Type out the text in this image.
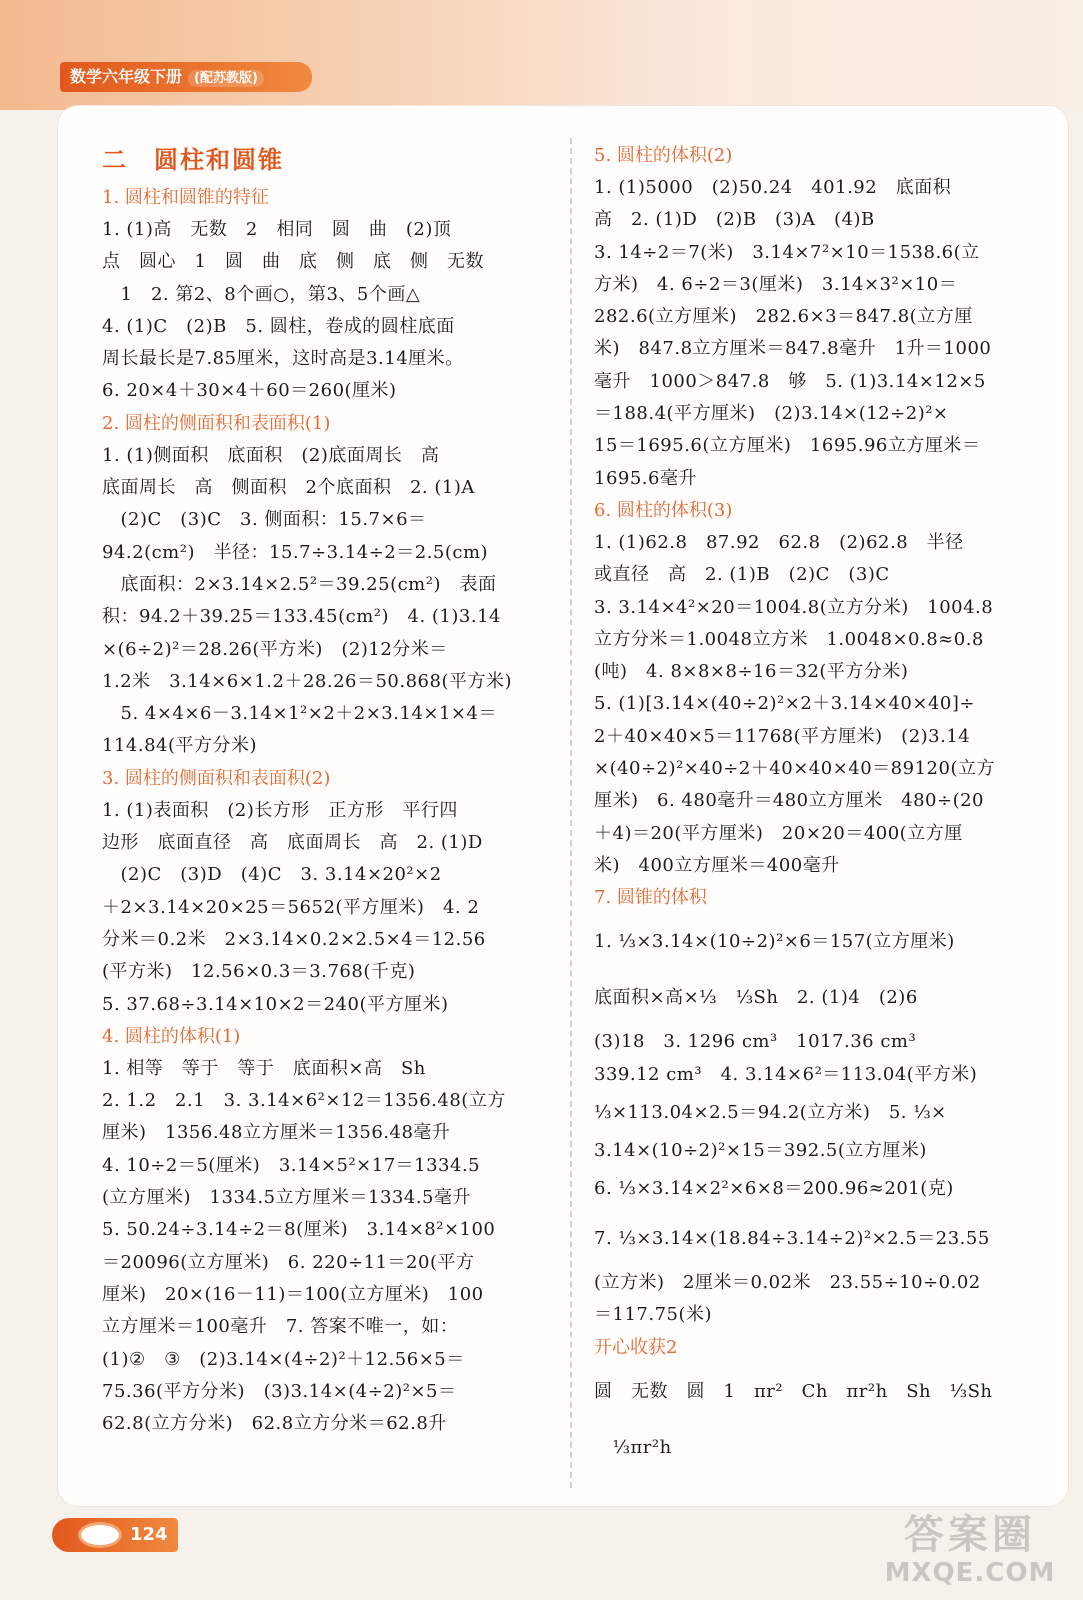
数学六年级下册 (配苏教版)
二 圆柱和圆锥
1. 圆柱和圆锥的特征
1. (1)高　无数　2　相同　圆　曲　(2)顶
点　圆心　1　圆　曲　底　侧　底　侧　无数
　1　2. 第2、8个画○，第3、5个画△
4. (1)C　(2)B　5. 圆柱，卷成的圆柱底面
周长最长是7.85厘米，这时高是3.14厘米。
6. 20×4＋30×4＋60＝260(厘米)
2. 圆柱的侧面积和表面积(1)
1. (1)侧面积　底面积　(2)底面周长　高
底面周长　高　侧面积　2个底面积　2. (1)A
　(2)C　(3)C　3. 侧面积：15.7×6＝
94.2(cm²)　半径：15.7÷3.14÷2＝2.5(cm)
　底面积：2×3.14×2.5²＝39.25(cm²)　表面
积：94.2＋39.25＝133.45(cm²)　4. (1)3.14
×(6÷2)²＝28.26(平方米)　(2)12分米＝
1.2米　3.14×6×1.2＋28.26＝50.868(平方米)
　5. 4×4×6－3.14×1²×2＋2×3.14×1×4＝
114.84(平方分米)
3. 圆柱的侧面积和表面积(2)
1. (1)表面积　(2)长方形　正方形　平行四
边形　底面直径　高　底面周长　高　2. (1)D
　(2)C　(3)D　(4)C　3. 3.14×20²×2
＋2×3.14×20×25＝5652(平方厘米)　4. 2
分米＝0.2米　2×3.14×0.2×2.5×4＝12.56
(平方米)　12.56×0.3＝3.768(千克)
5. 37.68÷3.14×10×2＝240(平方厘米)
4. 圆柱的体积(1)
1. 相等　等于　等于　底面积×高　Sh
2. 1.2　2.1　3. 3.14×6²×12＝1356.48(立方
厘米)　1356.48立方厘米＝1356.48毫升
4. 10÷2＝5(厘米)　3.14×5²×17＝1334.5
(立方厘米)　1334.5立方厘米＝1334.5毫升
5. 50.24÷3.14÷2＝8(厘米)　3.14×8²×100
＝20096(立方厘米)　6. 220÷11＝20(平方
厘米)　20×(16－11)＝100(立方厘米)　100
立方厘米＝100毫升　7. 答案不唯一，如：
(1)②　③　(2)3.14×(4÷2)²＋12.56×5＝
75.36(平方分米)　(3)3.14×(4÷2)²×5＝
62.8(立方分米)　62.8立方分米＝62.8升
5. 圆柱的体积(2)
1. (1)5000　(2)50.24　401.92　底面积
高　2. (1)D　(2)B　(3)A　(4)B
3. 14÷2＝7(米)　3.14×7²×10＝1538.6(立
方米)　4. 6÷2＝3(厘米)　3.14×3²×10＝
282.6(立方厘米)　282.6×3＝847.8(立方厘
米)　847.8立方厘米＝847.8毫升　1升＝1000
毫升　1000＞847.8　够　5. (1)3.14×12×5
＝188.4(平方厘米)　(2)3.14×(12÷2)²×
15＝1695.6(立方厘米)　1695.96立方厘米＝
1695.6毫升
6. 圆柱的体积(3)
1. (1)62.8　87.92　62.8　(2)62.8　半径
或直径　高　2. (1)B　(2)C　(3)C
3. 3.14×4²×20＝1004.8(立方分米)　1004.8
立方分米＝1.0048立方米　1.0048×0.8≈0.8
(吨)　4. 8×8×8÷16＝32(平方分米)
5. (1)[3.14×(40÷2)²×2＋3.14×40×40]÷
2＋40×40×5＝11768(平方厘米)　(2)3.14
×(40÷2)²×40÷2＋40×40×40＝89120(立方
厘米)　6. 480毫升＝480立方厘米　480÷(20
＋4)＝20(平方厘米)　20×20＝400(立方厘
米)　400立方厘米＝400毫升
7. 圆锥的体积
1. ⅓×3.14×(10÷2)²×6＝157(立方厘米)
底面积×高×⅓　⅓Sh　2. (1)4　(2)6
(3)18　3. 1296 cm³　1017.36 cm³
339.12 cm³　4. 3.14×6²＝113.04(平方米)
⅓×113.04×2.5＝94.2(立方米)　5. ⅓×
3.14×(10÷2)²×15＝392.5(立方厘米)
6. ⅓×3.14×2²×6×8＝200.96≈201(克)
7. ⅓×3.14×(18.84÷3.14÷2)²×2.5＝23.55
(立方米)　2厘米＝0.02米　23.55÷10÷0.02
＝117.75(米)
开心收获2
圆　无数　圆　1　πr²　Ch　πr²h　Sh　⅓Sh
　⅓πr²h
124	答案圈
MXQE.COM
